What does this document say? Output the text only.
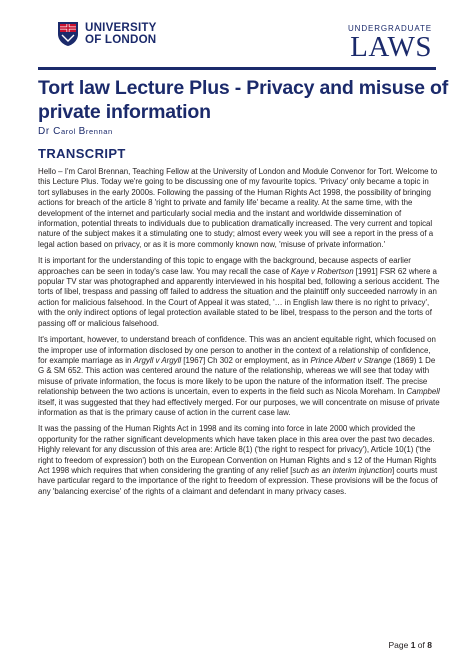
UNIVERSITY
OF LONDON
UNDERGRADUATE
LAWS
Tort law Lecture Plus - Privacy and misuse of private information
Dr Carol Brennan
TRANSCRIPT

Hello – I'm Carol Brennan, Teaching Fellow at the University of London and Module Convenor for Tort. Welcome to this Lecture Plus. Today we're going to be discussing one of my favourite topics. 'Privacy' only became a topic in tort syllabuses in the early 2000s. Following the passing of the Human Rights Act 1998, the possibility of bringing actions for breach of the article 8 'right to private and family life' became a reality. At the same time, with the development of the internet and particularly social media and the instant and worldwide dissemination of information, potential threats to individuals due to publication dramatically increased. The very current and topical nature of the subject makes it a stimulating one to study; almost every week you will see a report in the press of a legal action based on privacy, or as it is more commonly known now, 'misuse of private information.'

It is important for the understanding of this topic to engage with the background, because aspects of earlier approaches can be seen in today's case law. You may recall the case of Kaye v Robertson [1991] FSR 62 where a popular TV star was photographed and apparently interviewed in his hospital bed, following a serious accident. The torts of libel, trespass and passing off failed to address the situation and the plaintiff only succeeded narrowly in an action for malicious falsehood. In the Court of Appeal it was stated, '… in English law there is no right to privacy', with the only indirect options of legal protection available stated to be libel, trespass to the person and the torts of passing off or malicious falsehood.

It's important, however, to understand breach of confidence. This was an ancient equitable right, which focused on the improper use of information disclosed by one person to another in the context of a relationship of confidence, for example marriage as in Argyll v Argyll [1967] Ch 302 or employment, as in Prince Albert v Strange (1869) 1 De G & SM 652. This action was centered around the nature of the relationship, whereas we will see that today with misuse of private information, the focus is more likely to be upon the nature of the information itself. The precise relationship between the two actions is uncertain, even to experts in the field such as Nicola Moreham. In Campbell itself, it was suggested that they had effectively merged. For our purposes, we will concentrate on misuse of private information as that is the primary cause of action in the current case law.

It was the passing of the Human Rights Act in 1998 and its coming into force in late 2000 which provided the opportunity for the rather significant developments which have taken place in this area over the past two decades. Highly relevant for any discussion of this area are: Article 8(1) ('the right to respect for privacy'), Article 10(1) ('the right to freedom of expression') both on the European Convention on Human Rights and s 12 of the Human Rights Act 1998 which requires that when considering the granting of any relief [such as an interim injunction] courts must have particular regard to the importance of the right to freedom of expression. These provisions will be the focus of any 'balancing exercise' of the rights of a claimant and defendant in many privacy cases.

Page 1 of 8
